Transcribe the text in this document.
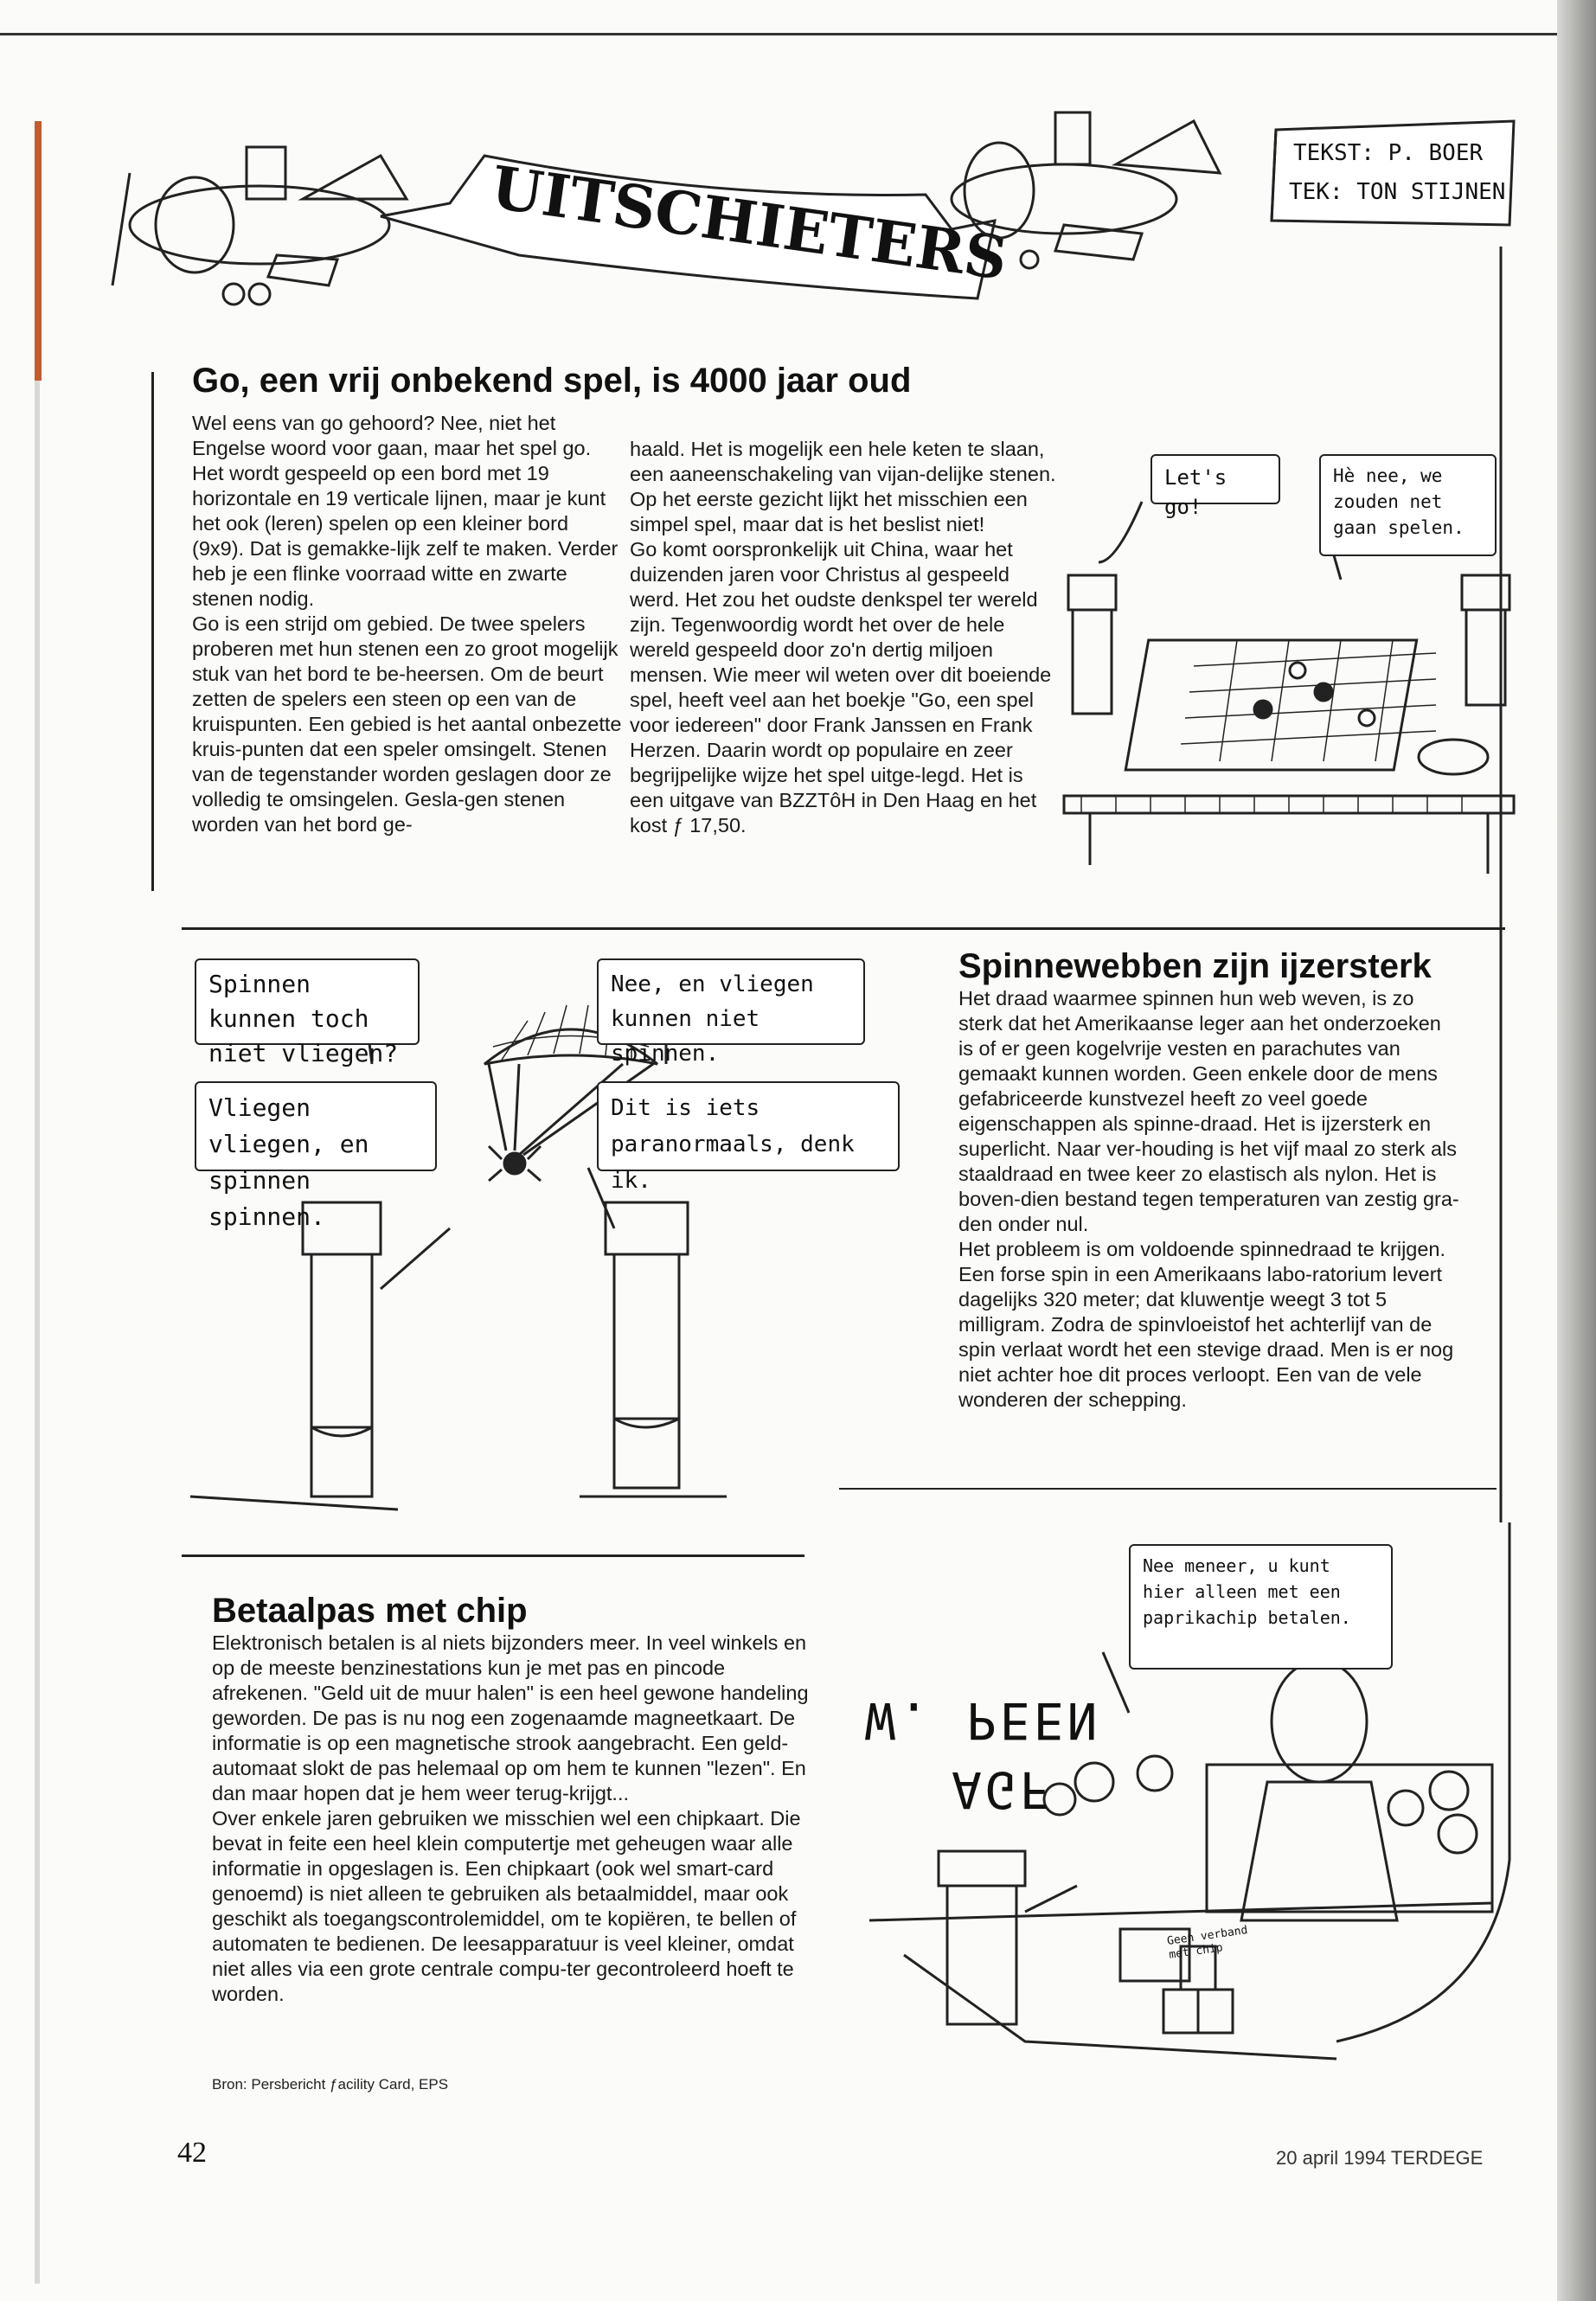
UITSCHIETERS	TEKST: P. BOER
TEK: TON STIJNEN
Go, een vrij onbekend spel, is 4000 jaar oud

Wel eens van go gehoord? Nee, niet het Engelse woord voor gaan, maar het spel go. Het wordt gespeeld op een bord met 19 horizontale en 19 verticale lijnen, maar je kunt het ook (leren) spelen op een kleiner bord (9x9). Dat is gemakke-lijk zelf te maken. Verder heb je een flinke voorraad witte en zwarte stenen nodig.
Go is een strijd om gebied. De twee spelers proberen met hun stenen een zo groot mogelijk stuk van het bord te be-heersen. Om de beurt zetten de spelers een steen op een van de kruispunten. Een gebied is het aantal onbezette kruis-punten dat een speler omsingelt. Stenen van de tegenstander worden geslagen door ze volledig te omsingelen. Gesla-gen stenen worden van het bord ge-

haald. Het is mogelijk een hele keten te slaan, een aaneenschakeling van vijan-delijke stenen. Op het eerste gezicht lijkt het misschien een simpel spel, maar dat is het beslist niet!
Go komt oorspronkelijk uit China, waar het duizenden jaren voor Christus al gespeeld werd. Het zou het oudste denkspel ter wereld zijn. Tegenwoordig wordt het over de hele wereld gespeeld door zo'n dertig miljoen mensen. Wie meer wil weten over dit boeiende spel, heeft veel aan het boekje "Go, een spel voor iedereen" door Frank Janssen en Frank Herzen. Daarin wordt op populaire en zeer begrijpelijke wijze het spel uitge-legd. Het is een uitgave van BZZTôH in Den Haag en het kost ƒ 17,50.

Let's go!
Hè nee, we zouden net gaan spelen.
Spinnen kunnen toch niet vliegen?
Nee, en vliegen kunnen niet spinnen.
Vliegen vliegen, en spinnen spinnen.
Dit is iets paranormaals, denk ik.
Spinnewebben zijn ijzersterk

Het draad waarmee spinnen hun web weven, is zo sterk dat het Amerikaanse leger aan het onderzoeken is of er geen kogelvrije vesten en parachutes van gemaakt kunnen worden. Geen enkele door de mens gefabriceerde kunstvezel heeft zo veel goede eigenschappen als spinne-draad. Het is ijzersterk en superlicht. Naar ver-houding is het vijf maal zo sterk als staaldraad en twee keer zo elastisch als nylon. Het is boven-dien bestand tegen temperaturen van zestig gra-den onder nul.
Het probleem is om voldoende spinnedraad te krijgen. Een forse spin in een Amerikaans labo-ratorium levert dagelijks 320 meter; dat kluwentje weegt 3 tot 5 milligram. Zodra de spinvloeistof het achterlijf van de spin verlaat wordt het een stevige draad. Men is er nog niet achter hoe dit proces verloopt. Een van de vele wonderen der schepping.

Betaalpas met chip

Elektronisch betalen is al niets bijzonders meer. In veel winkels en op de meeste benzinestations kun je met pas en pincode afrekenen. "Geld uit de muur halen" is een heel gewone handeling geworden. De pas is nu nog een zogenaamde magneetkaart. De informatie is op een magnetische strook aangebracht. Een geld-automaat slokt de pas helemaal op om hem te kunnen "lezen". En dan maar hopen dat je hem weer terug-krijgt...
Over enkele jaren gebruiken we misschien wel een chipkaart. Die bevat in feite een heel klein computertje met geheugen waar alle informatie in opgeslagen is. Een chipkaart (ook wel smart-card genoemd) is niet alleen te gebruiken als betaalmiddel, maar ook geschikt als toegangscontrolemiddel, om te kopiëren, te bellen of automaten te bedienen. De leesapparatuur is veel kleiner, omdat niet alles via een grote centrale compu-ter gecontroleerd hoeft te worden.

Bron: Persbericht ƒacility Card, EPS
Nee meneer, u kunt hier alleen met een paprikachip betalen.
W. PEEN
AGF
Geen verband met chip
42	20 april 1994 TERDEGE
